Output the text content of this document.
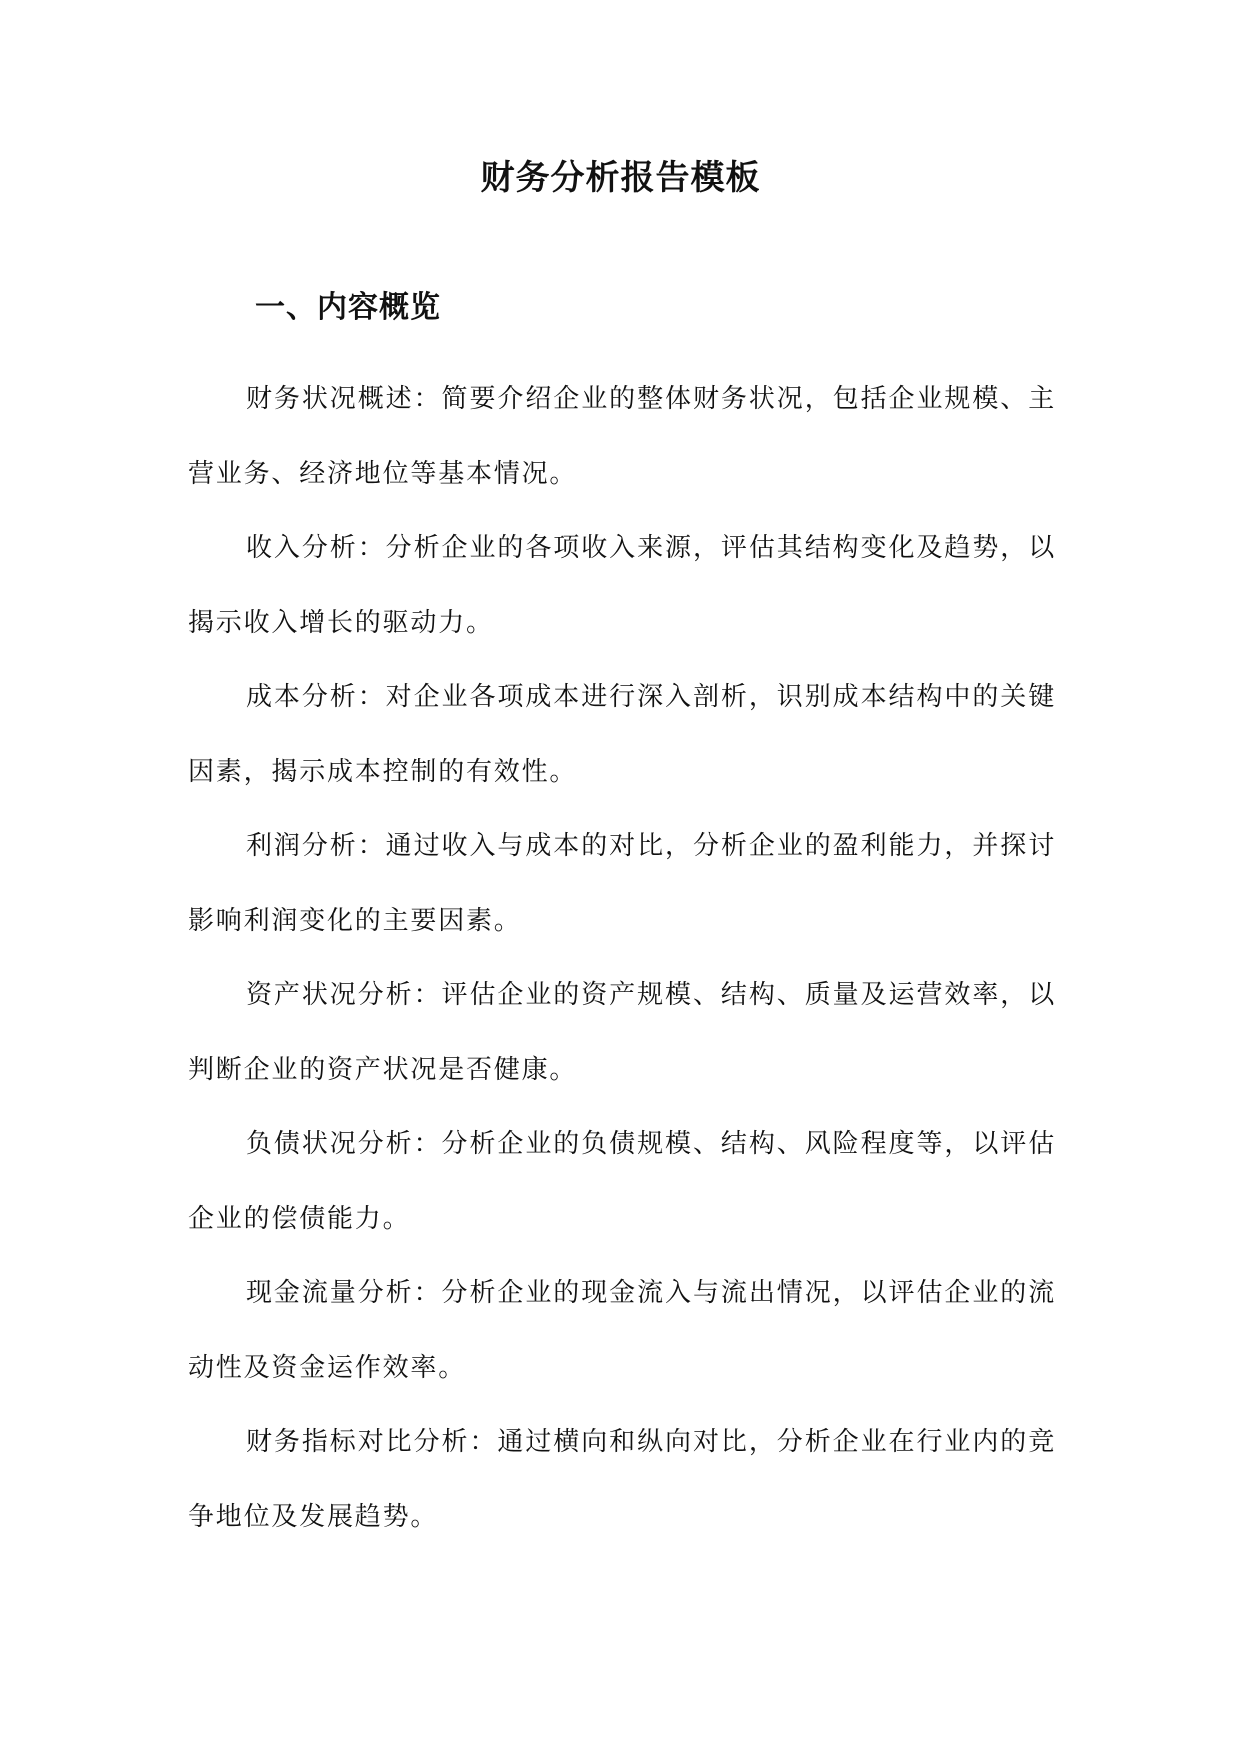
财务分析报告模板
一、内容概览

财务状况概述：简要介绍企业的整体财务状况，包括企业规模、主营业务、经济地位等基本情况。

收入分析：分析企业的各项收入来源，评估其结构变化及趋势，以揭示收入增长的驱动力。

成本分析：对企业各项成本进行深入剖析，识别成本结构中的关键因素，揭示成本控制的有效性。

利润分析：通过收入与成本的对比，分析企业的盈利能力，并探讨影响利润变化的主要因素。

资产状况分析：评估企业的资产规模、结构、质量及运营效率，以判断企业的资产状况是否健康。

负债状况分析：分析企业的负债规模、结构、风险程度等，以评估企业的偿债能力。

现金流量分析：分析企业的现金流入与流出情况，以评估企业的流动性及资金运作效率。

财务指标对比分析：通过横向和纵向对比，分析企业在行业内的竞争地位及发展趋势。
